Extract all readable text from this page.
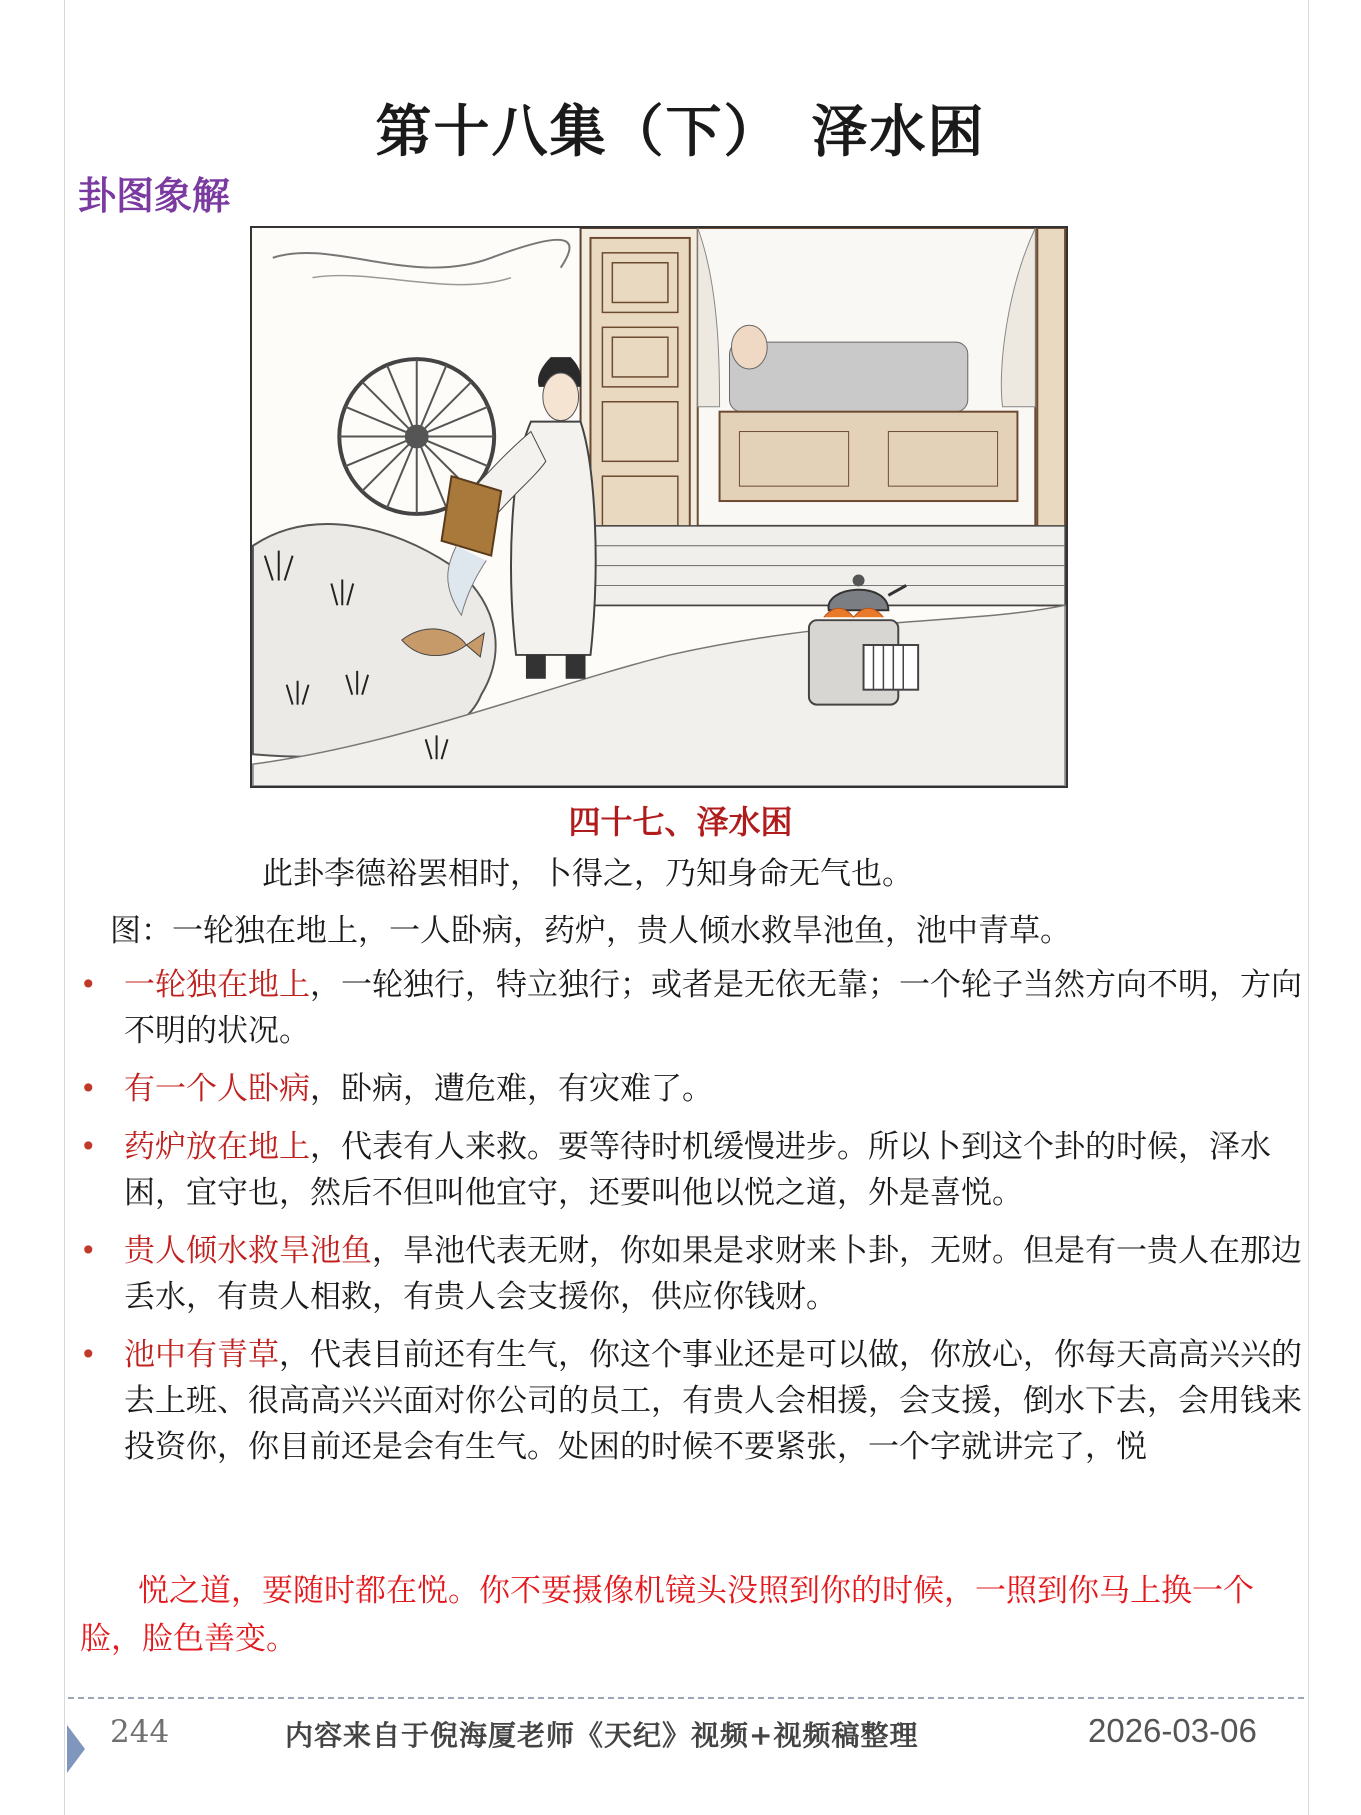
第十八集（下）　泽水困
卦图象解
四十七、泽水困
此卦李德裕罢相时，卜得之，乃知身命无气也。
图：一轮独在地上，一人卧病，药炉，贵人倾水救旱池鱼，池中青草。
• 一轮独在地上，一轮独行，特立独行；或者是无依无靠；一个轮子当然方向不明，方向不明的状况。
• 有一个人卧病，卧病，遭危难，有灾难了。
• 药炉放在地上，代表有人来救。要等待时机缓慢进步。所以卜到这个卦的时候，泽水困，宜守也，然后不但叫他宜守，还要叫他以悦之道，外是喜悦。
• 贵人倾水救旱池鱼，旱池代表无财，你如果是求财来卜卦，无财。但是有一贵人在那边丢水，有贵人相救，有贵人会支援你，供应你钱财。
• 池中有青草，代表目前还有生气，你这个事业还是可以做，你放心，你每天高高兴兴的去上班、很高高兴兴面对你公司的员工，有贵人会相援，会支援，倒水下去，会用钱来投资你，你目前还是会有生气。处困的时候不要紧张，一个字就讲完了，悦
悦之道，要随时都在悦。你不要摄像机镜头没照到你的时候，一照到你马上换一个脸，脸色善变。
244	内容来自于倪海厦老师《天纪》视频+视频稿整理	2026-03-06
